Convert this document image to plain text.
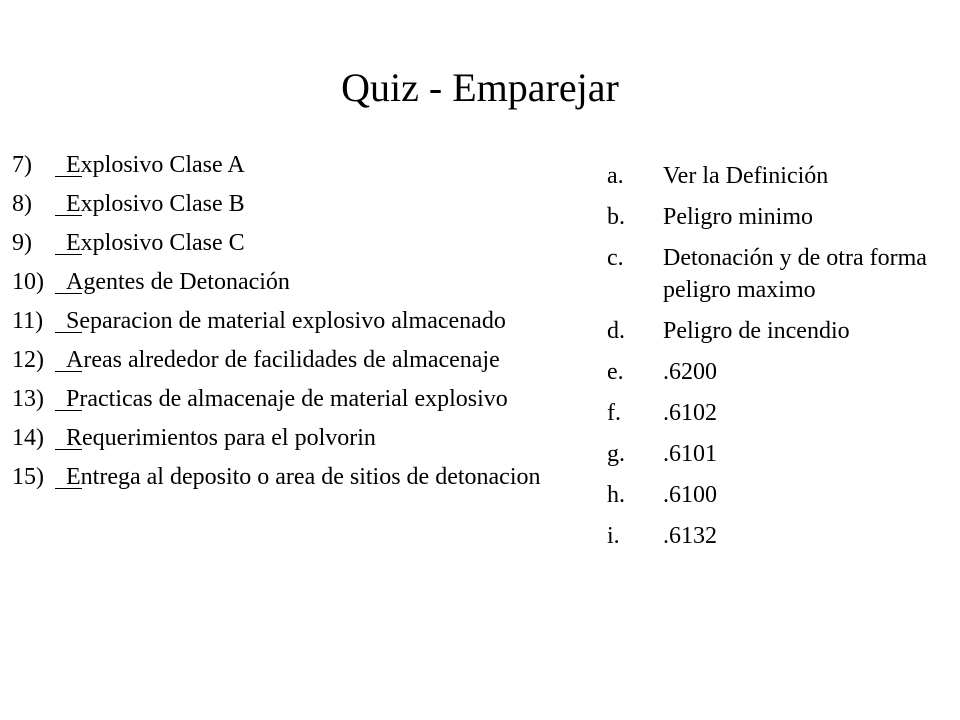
Quiz - Emparejar
7) Explosivo Clase A
8) Explosivo Clase B
9) Explosivo Clase C
10) Agentes de Detonación
11) Separacion de material explosivo almacenado
12) Areas alrededor de facilidades de almacenaje
13) Practicas de almacenaje de material explosivo
14) Requerimientos para el polvorin
15) Entrega al deposito o area de sitios de detonacion
a. Ver la Definición
b. Peligro minimo
c. Detonación y de otra forma peligro maximo
d. Peligro de incendio
e. .6200
f. .6102
g. .6101
h. .6100
i. .6132
